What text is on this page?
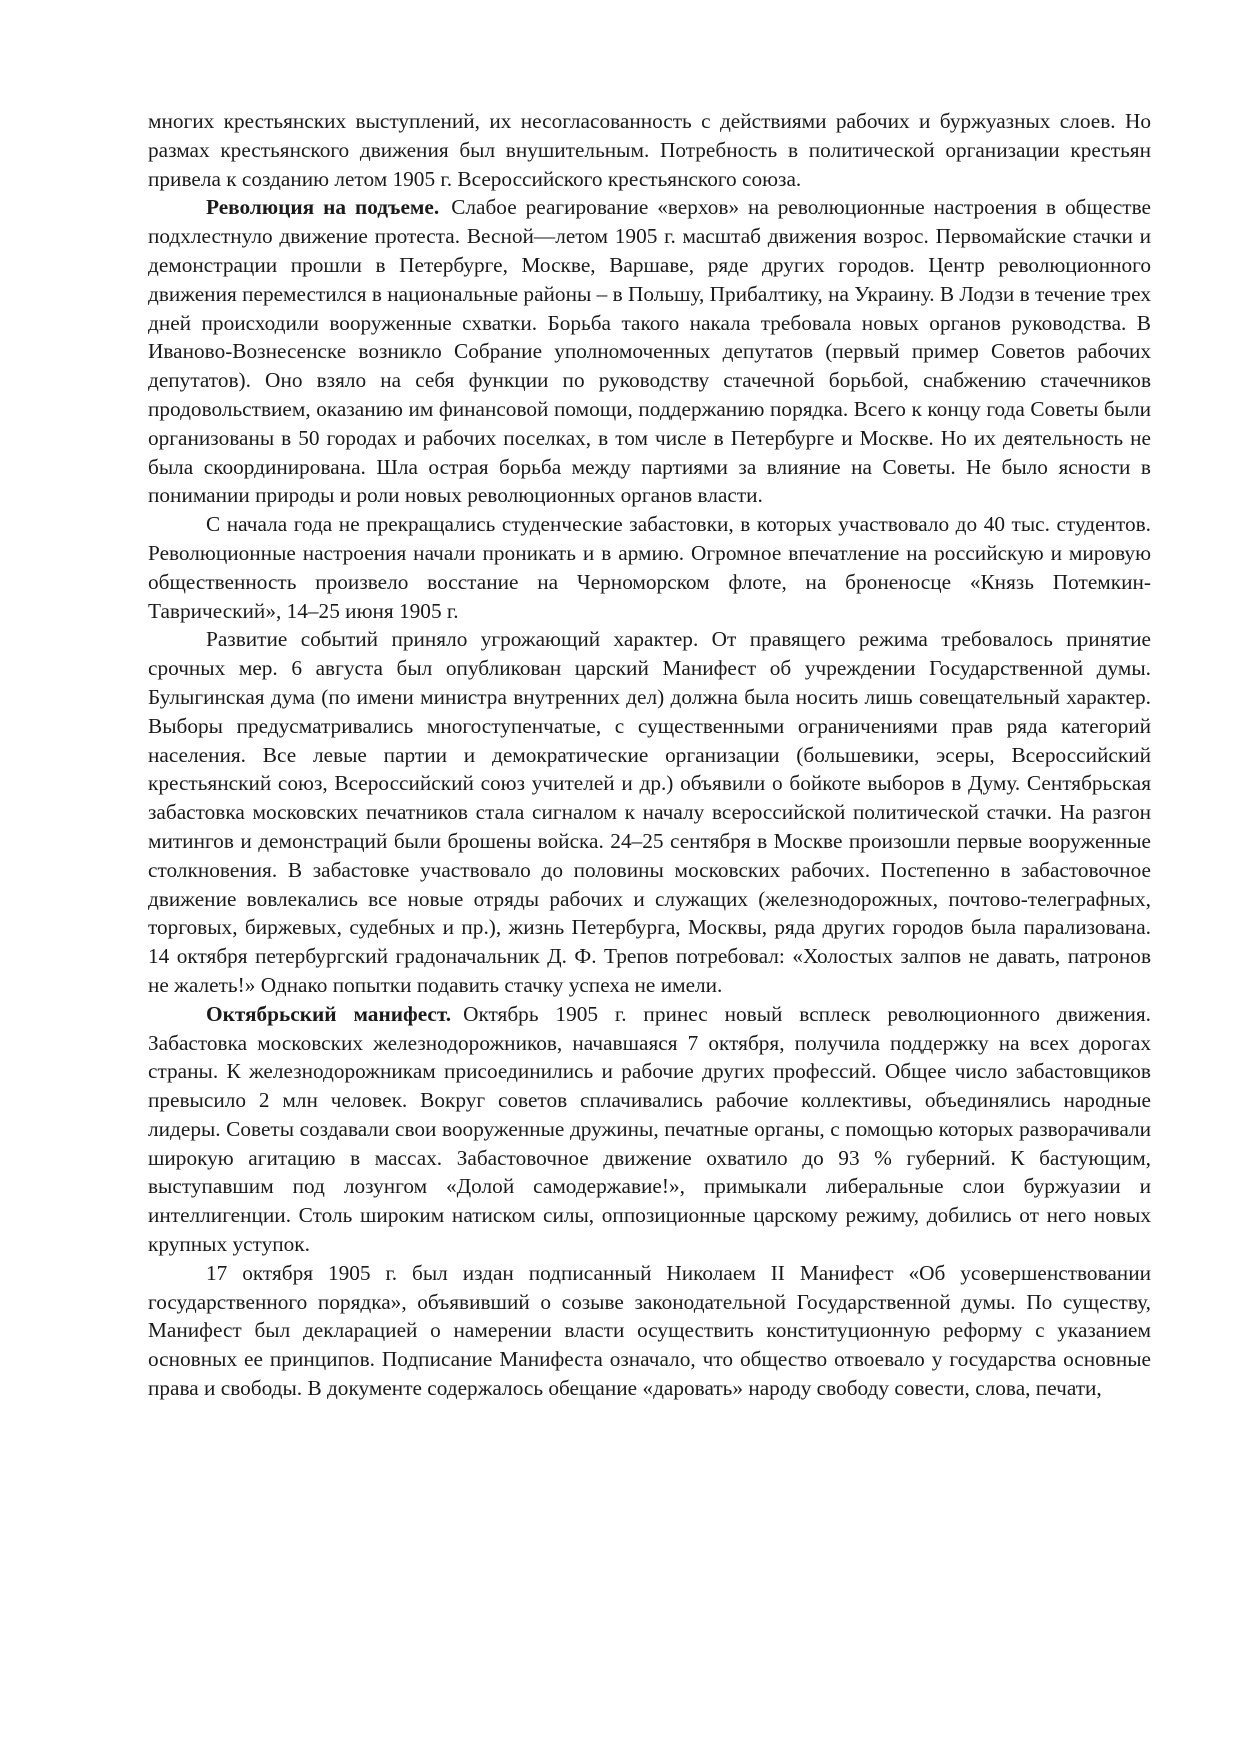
многих крестьянских выступлений, их несогласованность с действиями рабочих и буржуазных слоев. Но размах крестьянского движения был внушительным. Потребность в политической организации крестьян привела к созданию летом 1905 г. Всероссийского крестьянского союза.

Революция на подъеме. Слабое реагирование «верхов» на революционные настроения в обществе подхлестнуло движение протеста. Весной—летом 1905 г. масштаб движения возрос. Первомайские стачки и демонстрации прошли в Петербурге, Москве, Варшаве, ряде других городов. Центр революционного движения переместился в национальные районы – в Польшу, Прибалтику, на Украину. В Лодзи в течение трех дней происходили вооруженные схватки. Борьба такого накала требовала новых органов руководства. В Иваново-Вознесенске возникло Собрание уполномоченных депутатов (первый пример Советов рабочих депутатов). Оно взяло на себя функции по руководству стачечной борьбой, снабжению стачечников продовольствием, оказанию им финансовой помощи, поддержанию порядка. Всего к концу года Советы были организованы в 50 городах и рабочих поселках, в том числе в Петербурге и Москве. Но их деятельность не была скоординирована. Шла острая борьба между партиями за влияние на Советы. Не было ясности в понимании природы и роли новых революционных органов власти.

С начала года не прекращались студенческие забастовки, в которых участвовало до 40 тыс. студентов. Революционные настроения начали проникать и в армию. Огромное впечатление на российскую и мировую общественность произвело восстание на Черноморском флоте, на броненосце «Князь Потемкин-Таврический», 14–25 июня 1905 г.

Развитие событий приняло угрожающий характер. От правящего режима требовалось принятие срочных мер. 6 августа был опубликован царский Манифест об учреждении Государственной думы. Булыгинская дума (по имени министра внутренних дел) должна была носить лишь совещательный характер. Выборы предусматривались многоступенчатые, с существенными ограничениями прав ряда категорий населения. Все левые партии и демократические организации (большевики, эсеры, Всероссийский крестьянский союз, Всероссийский союз учителей и др.) объявили о бойкоте выборов в Думу. Сентябрьская забастовка московских печатников стала сигналом к началу всероссийской политической стачки. На разгон митингов и демонстраций были брошены войска. 24–25 сентября в Москве произошли первые вооруженные столкновения. В забастовке участвовало до половины московских рабочих. Постепенно в забастовочное движение вовлекались все новые отряды рабочих и служащих (железнодорожных, почтово-телеграфных, торговых, биржевых, судебных и пр.), жизнь Петербурга, Москвы, ряда других городов была парализована. 14 октября петербургский градоначальник Д. Ф. Трепов потребовал: «Холостых залпов не давать, патронов не жалеть!» Однако попытки подавить стачку успеха не имели.

Октябрьский манифест. Октябрь 1905 г. принес новый всплеск революционного движения. Забастовка московских железнодорожников, начавшаяся 7 октября, получила поддержку на всех дорогах страны. К железнодорожникам присоединились и рабочие других профессий. Общее число забастовщиков превысило 2 млн человек. Вокруг советов сплачивались рабочие коллективы, объединялись народные лидеры. Советы создавали свои вооруженные дружины, печатные органы, с помощью которых разворачивали широкую агитацию в массах. Забастовочное движение охватило до 93 % губерний. К бастующим, выступавшим под лозунгом «Долой самодержавие!», примыкали либеральные слои буржуазии и интеллигенции. Столь широким натиском силы, оппозиционные царскому режиму, добились от него новых крупных уступок.

17 октября 1905 г. был издан подписанный Николаем II Манифест «Об усовершенствовании государственного порядка», объявивший о созыве законодательной Государственной думы. По существу, Манифест был декларацией о намерении власти осуществить конституционную реформу с указанием основных ее принципов. Подписание Манифеста означало, что общество отвоевало у государства основные права и свободы. В документе содержалось обещание «даровать» народу свободу совести, слова, печати,
